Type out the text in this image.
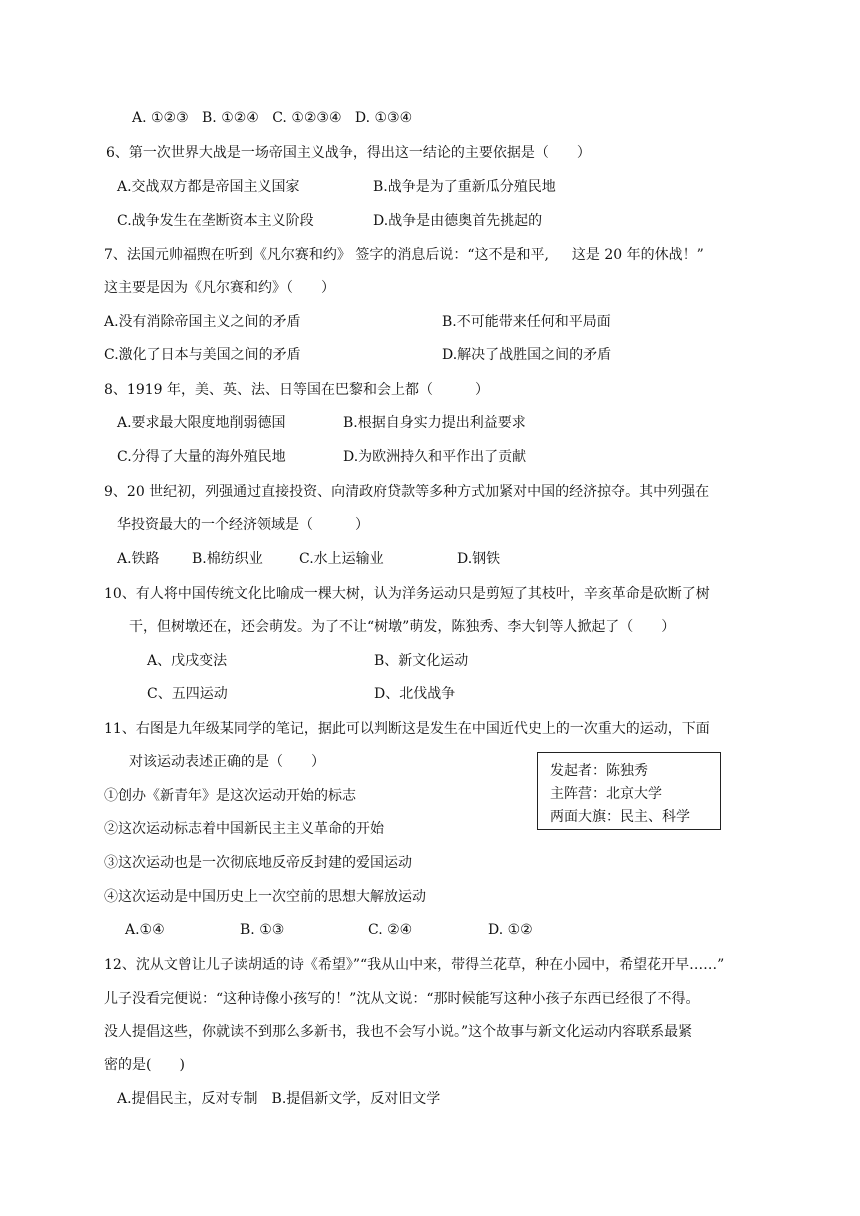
A. ①②③   B. ①②④   C. ①②③④   D. ①③④
6、第一次世界大战是一场帝国主义战争，得出这一结论的主要依据是（　　）
A.交战双方都是帝国主义国家	B.战争是为了重新瓜分殖民地
C.战争发生在垄断资本主义阶段	D.战争是由德奥首先挑起的
7、法国元帅福煦在听到《凡尔赛和约》 签字的消息后说：“这不是和平,　  这是 20 年的休战！”
这主要是因为《凡尔赛和约》（　　）
A.没有消除帝国主义之间的矛盾	B.不可能带来任何和平局面
C.激化了日本与美国之间的矛盾	D.解决了战胜国之间的矛盾
8、1919 年，美、英、法、日等国在巴黎和会上都（　　　）
A.要求最大限度地削弱德国	B.根据自身实力提出利益要求
C.分得了大量的海外殖民地	D.为欧洲持久和平作出了贡献
9、20 世纪初，列强通过直接投资、向清政府贷款等多种方式加紧对中国的经济掠夺。其中列强在
华投资最大的一个经济领域是（　　　）
A.铁路 B.棉纺织业	C.水上运输业	D.钢铁
10、有人将中国传统文化比喻成一棵大树，认为洋务运动只是剪短了其枝叶，辛亥革命是砍断了树
干，但树墩还在，还会萌发。为了不让“树墩”萌发，陈独秀、李大钊等人掀起了（　　）
A、戊戌变法	B、新文化运动
C、五四运动	D、北伐战争
11、右图是九年级某同学的笔记，据此可以判断这是发生在中国近代史上的一次重大的运动，下面
对该运动表述正确的是（　　）
发起者：陈独秀
主阵营：北京大学
两面大旗：民主、科学
①创办《新青年》是这次运动开始的标志
②这次运动标志着中国新民主主义革命的开始
③这次运动也是一次彻底地反帝反封建的爱国运动
④这次运动是中国历史上一次空前的思想大解放运动
A.①④	B. ①③	C. ②④	D. ①②
12、沈从文曾让儿子读胡适的诗《希望》”“我从山中来，带得兰花草，种在小园中，希望花开早……”
儿子没看完便说：“这种诗像小孩写的！”沈从文说：“那时候能写这种小孩子东西已经很了不得。
没人提倡这些，你就读不到那么多新书，我也不会写小说。”这个故事与新文化运动内容联系最紧
密的是(　　)
A.提倡民主，反对专制　B.提倡新文学，反对旧文学
